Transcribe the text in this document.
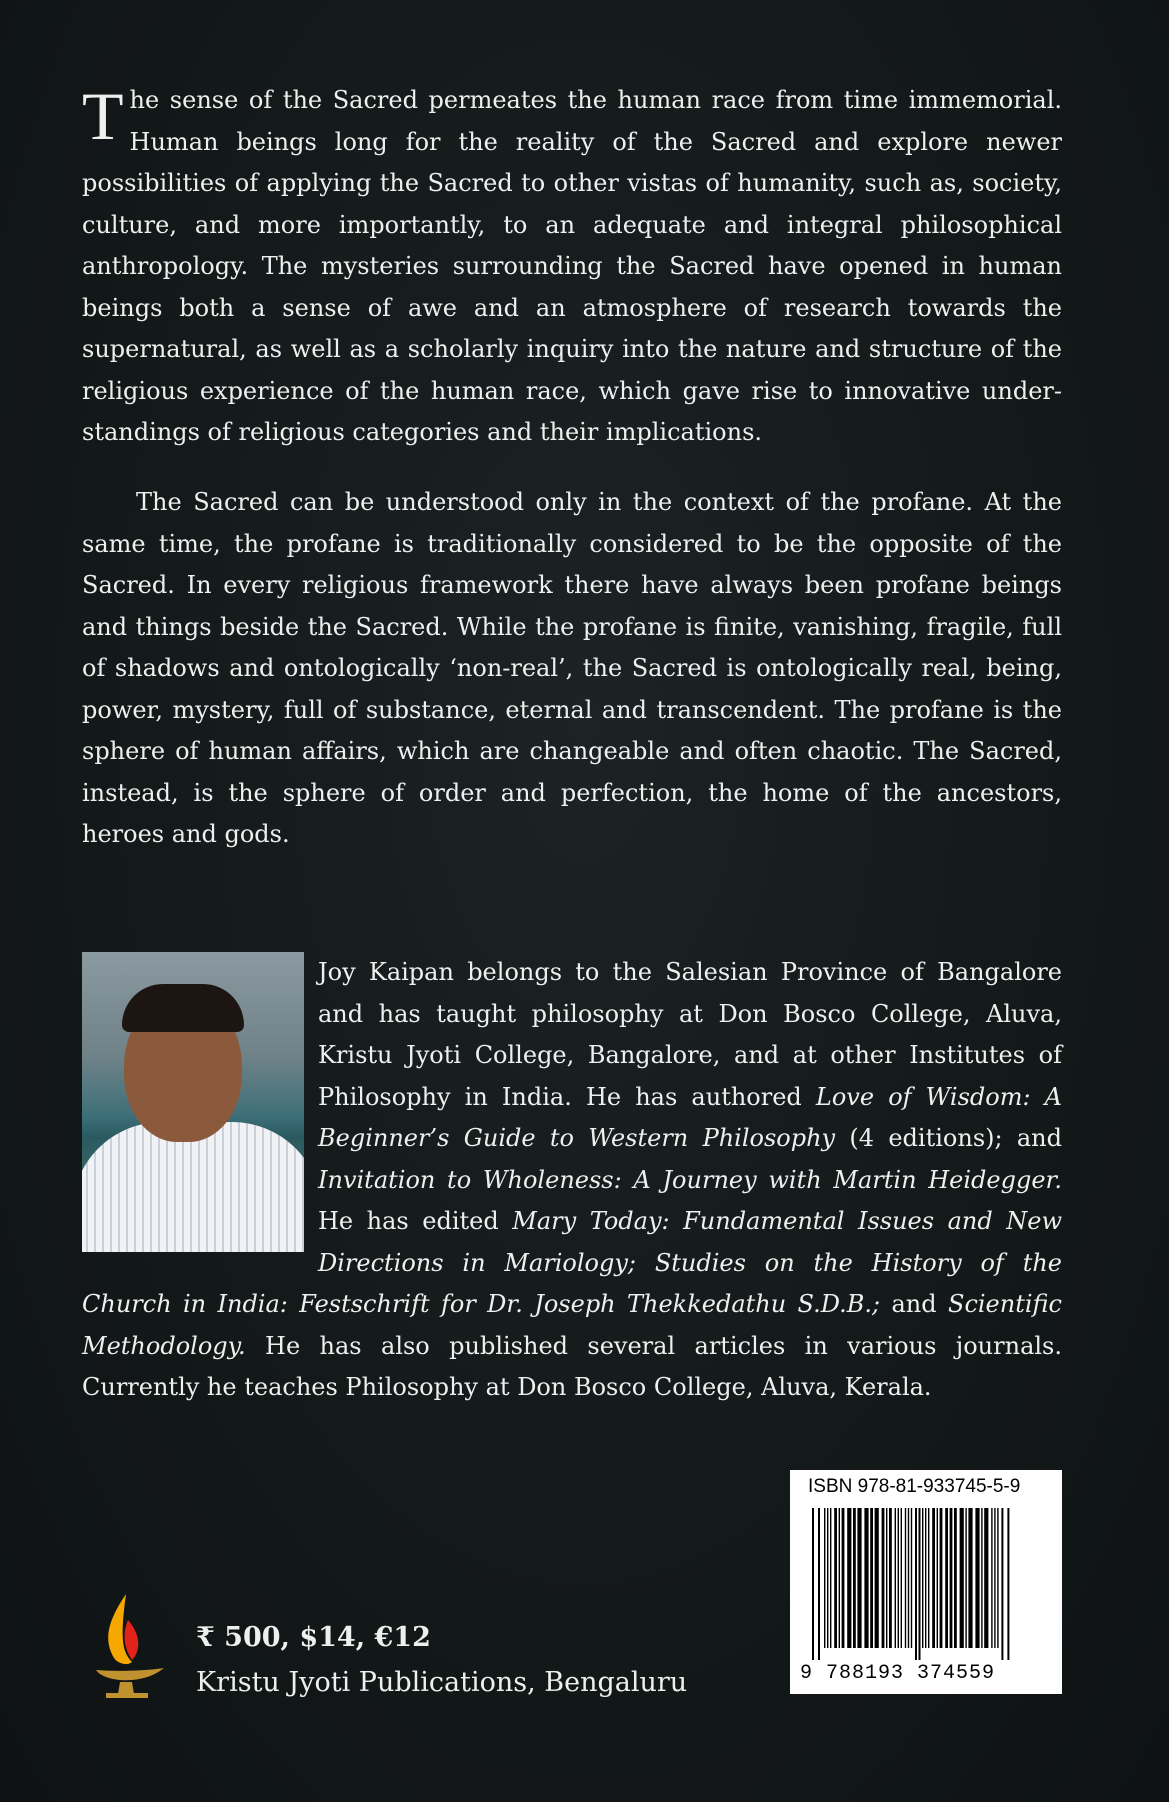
The sense of the Sacred permeates the human race from time immemorial. Human beings long for the reality of the Sacred and explore newer possibilities of applying the Sacred to other vistas of humanity, such as, society, culture, and more importantly, to an adequate and integral philosophical anthropology. The mysteries surrounding the Sacred have opened in human beings both a sense of awe and an atmosphere of research towards the supernatural, as well as a scholarly inquiry into the nature and structure of the religious experience of the human race, which gave rise to innovative under-standings of religious categories and their implications.
The Sacred can be understood only in the context of the profane. At the same time, the profane is traditionally considered to be the opposite of the Sacred. In every religious framework there have always been profane beings and things beside the Sacred. While the profane is finite, vanishing, fragile, full of shadows and ontologically ‘non-real’, the Sacred is ontologically real, being, power, mystery, full of substance, eternal and transcendent. The profane is the sphere of human affairs, which are changeable and often chaotic. The Sacred, instead, is the sphere of order and perfection, the home of the ancestors, heroes and gods.
Joy Kaipan belongs to the Salesian Province of Bangalore and has taught philosophy at Don Bosco College, Aluva, Kristu Jyoti College, Bangalore, and at other Institutes of Philosophy in India. He has authored Love of Wisdom: A Beginner’s Guide to Western Philosophy (4 editions); and Invitation to Wholeness: A Journey with Martin Heidegger. He has edited Mary Today: Fundamental Issues and New Directions in Mariology; Studies on the History of the Church in India: Festschrift for Dr. Joseph Thekkedathu S.D.B.; and Scientific Methodology. He has also published several articles in various journals. Currently he teaches Philosophy at Don Bosco College, Aluva, Kerala.
ISBN 978-81-933745-5-9
9 788193 374559
₹ 500, $14, €12
Kristu Jyoti Publications, Bengaluru
